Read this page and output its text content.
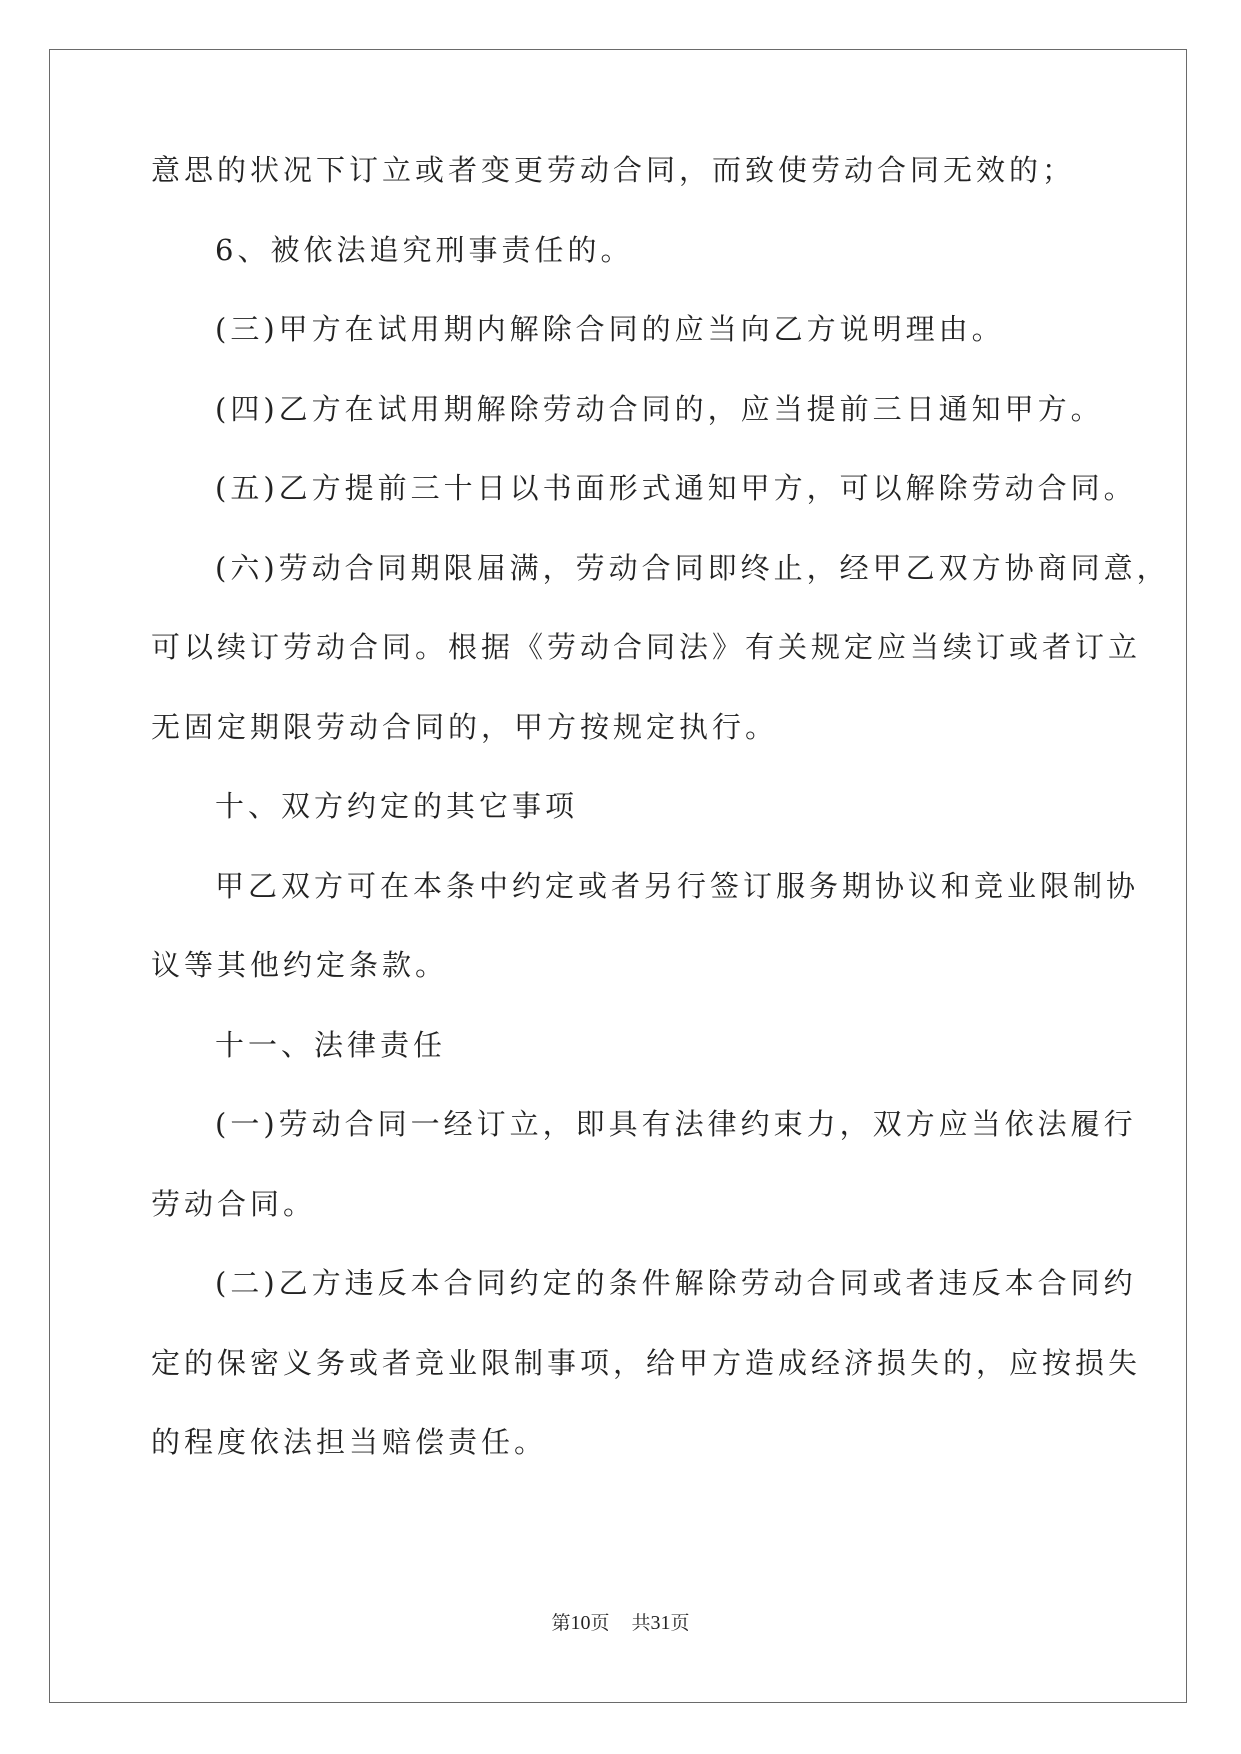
意思的状况下订立或者变更劳动合同，而致使劳动合同无效的；
6、被依法追究刑事责任的。
(三)甲方在试用期内解除合同的应当向乙方说明理由。
(四)乙方在试用期解除劳动合同的，应当提前三日通知甲方。
(五)乙方提前三十日以书面形式通知甲方，可以解除劳动合同。
(六)劳动合同期限届满，劳动合同即终止，经甲乙双方协商同意，
可以续订劳动合同。根据《劳动合同法》有关规定应当续订或者订立
无固定期限劳动合同的，甲方按规定执行。
十、双方约定的其它事项
甲乙双方可在本条中约定或者另行签订服务期协议和竞业限制协
议等其他约定条款。
十一、法律责任
(一)劳动合同一经订立，即具有法律约束力，双方应当依法履行
劳动合同。
(二)乙方违反本合同约定的条件解除劳动合同或者违反本合同约
定的保密义务或者竞业限制事项，给甲方造成经济损失的，应按损失
的程度依法担当赔偿责任。
第10页 共31页
